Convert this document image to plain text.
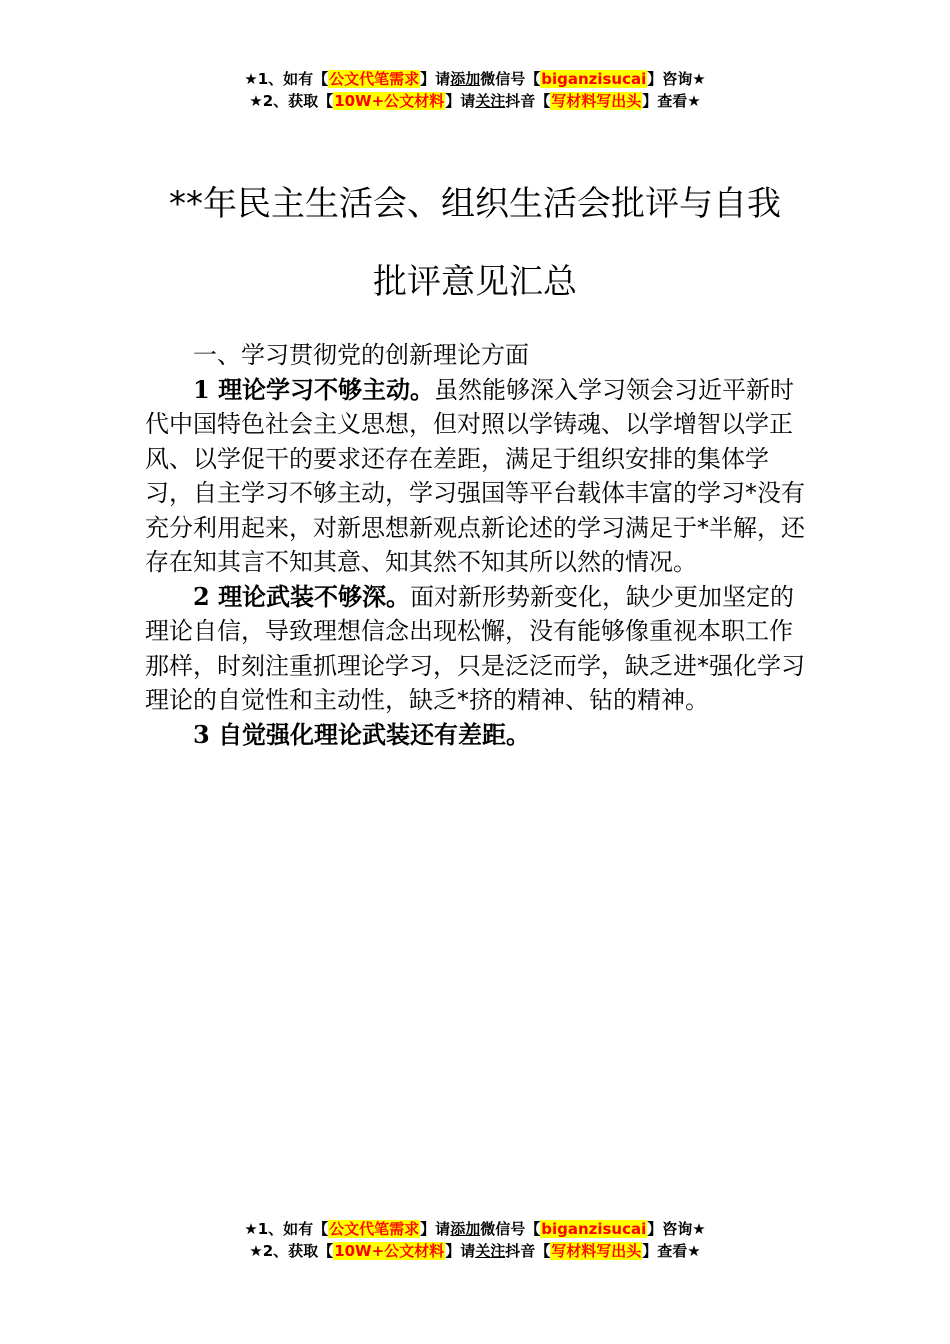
★1、如有【公文代笔需求】请添加微信号【biganzisucai】咨询★
★2、获取【10W+公文材料】请关注抖音【写材料写出头】查看★
**年民主生活会、组织生活会批评与自我
批评意见汇总

一、学习贯彻党的创新理论方面

1 理论学习不够主动。虽然能够深入学习领会习近平新时代中国特色社会主义思想，但对照以学铸魂、以学增智以学正风、以学促干的要求还存在差距，满足于组织安排的集体学习，自主学习不够主动，学习强国等平台载体丰富的学习*没有充分利用起来，对新思想新观点新论述的学习满足于*半解，还存在知其言不知其意、知其然不知其所以然的情况。

2 理论武装不够深。面对新形势新变化，缺少更加坚定的理论自信，导致理想信念出现松懈，没有能够像重视本职工作那样，时刻注重抓理论学习，只是泛泛而学，缺乏进*强化学习理论的自觉性和主动性，缺乏*挤的精神、钻的精神。

3 自觉强化理论武装还有差距。

★1、如有【公文代笔需求】请添加微信号【biganzisucai】咨询★
★2、获取【10W+公文材料】请关注抖音【写材料写出头】查看★
